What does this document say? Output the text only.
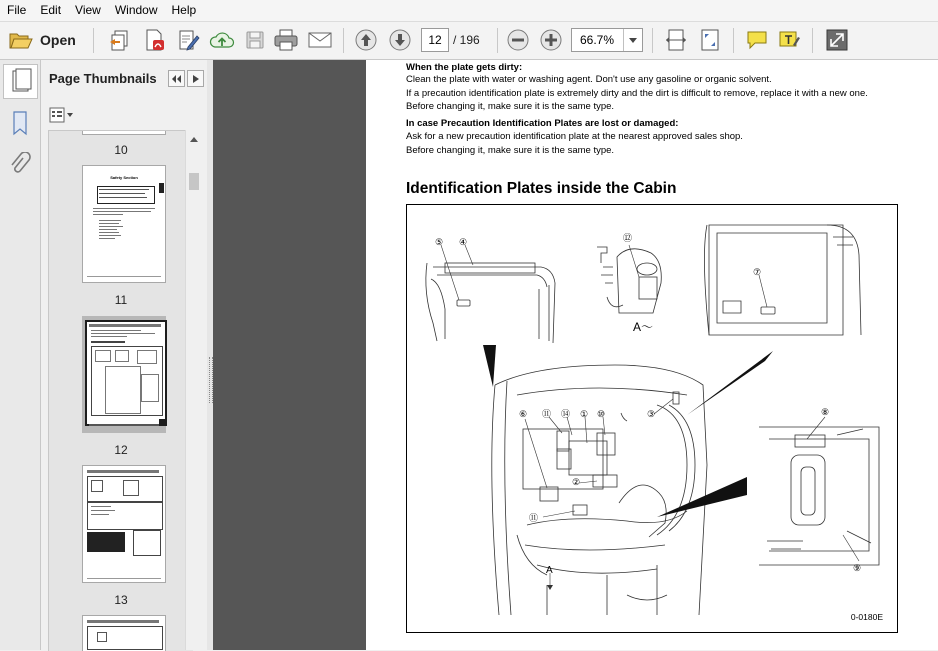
File	Edit	View	Window	Help
Open	12 / 196	66.7%
Page Thumbnails
10
Safety Section
11
12
13
When the plate gets dirty:
Clean the plate with water or washing agent. Don't use any gasoline or organic solvent.
If a precaution identification plate is extremely dirty and the dirt is difficult to remove, replace it with a new one.
Before changing it, make sure it is the same type.
In case Precaution Identification Plates are lost or damaged:
Ask for a new precaution identification plate at the nearest approved sales shop.
Before changing it, make sure it is the same type.
Identification Plates inside the Cabin
⑤ ④	⑫
A～
⑦
⑧
⑨
③
⑥ ⑪ ⑭ ① ⑩
②
⑪
A
0-0180E
